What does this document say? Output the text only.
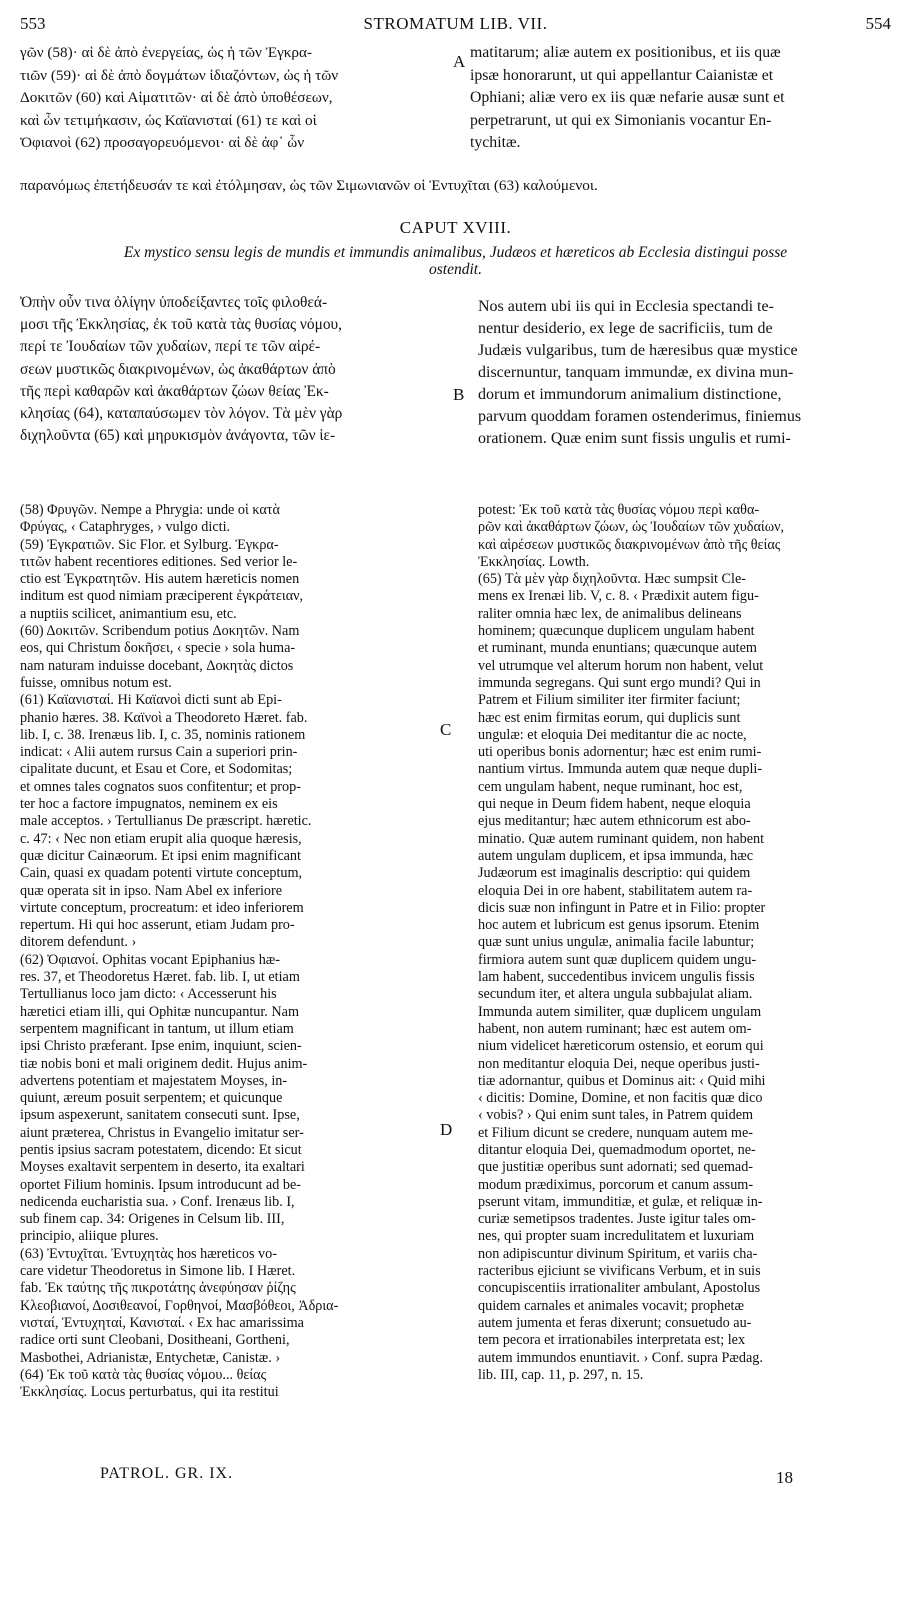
553	STROMATUM LIB. VII.	554
γῶν (58)· αἱ δὲ ἀπὸ ἐνεργείας, ὡς ἡ τῶν Ἐγκρα-
τιῶν (59)· αἱ δὲ ἀπὸ δογμάτων ἰδιαζόντων, ὡς ἡ τῶν
Δοκιτῶν (60) καὶ Αἱματιτῶν· αἱ δὲ ἀπὸ ὑποθέσεων,
καὶ ὧν τετιμήκασιν, ὡς Καϊανισταί (61) τε καὶ οἱ
Ὀφιανοὶ (62) προσαγορευόμενοι· αἱ δὲ ἀφ᾽ ὧν
matitarum; aliæ autem ex positionibus, et iis quæ
ipsæ honorarunt, ut qui appellantur Caianistæ et
Ophiani; aliæ vero ex iis quæ nefarie ausæ sunt et
perpetrarunt, ut qui ex Simonianis vocantur En-
tychitæ.
παρανόμως ἐπετήδευσάν τε καὶ ἐτόλμησαν, ὡς τῶν Σιμωνιανῶν οἱ Ἐντυχῖται (63) καλούμενοι.
A
B
C
D
CAPUT XVIII.
Ex mystico sensu legis de mundis et immundis animalibus, Judæos et hæreticos ab Ecclesia distingui posse
ostendit.
Ὀπὴν οὖν τινα ὀλίγην ὑποδείξαντες τοῖς φιλοθεά-
μοσι τῆς Ἐκκλησίας, ἐκ τοῦ κατὰ τὰς θυσίας νόμου,
περί τε Ἰουδαίων τῶν χυδαίων, περί τε τῶν αἱρέ-
σεων μυστικῶς διακρινομένων, ὡς ἀκαθάρτων ἀπὸ
τῆς περὶ καθαρῶν καὶ ἀκαθάρτων ζώων θείας Ἐκ-
κλησίας (64), καταπαύσωμεν τὸν λόγον. Τὰ μὲν γὰρ
διχηλοῦντα (65) καὶ μηρυκισμὸν ἀνάγοντα, τῶν ἱε-
Nos autem ubi iis qui in Ecclesia spectandi te-
nentur desiderio, ex lege de sacrificiis, tum de
Judæis vulgaribus, tum de hæresibus quæ mystice
discernuntur, tanquam immundæ, ex divina mun-
dorum et immundorum animalium distinctione,
parvum quoddam foramen ostenderimus, finiemus
orationem. Quæ enim sunt fissis ungulis et rumi-
(58) Φρυγῶν. Nempe a Phrygia: unde οἱ κατὰ
Φρύγας, ‹ Cataphryges, › vulgo dicti.
(59) Ἐγκρατιῶν. Sic Flor. et Sylburg. Ἐγκρα-
τιτῶν habent recentiores editiones. Sed verior le-
ctio est Ἐγκρατητῶν. His autem hæreticis nomen
inditum est quod nimiam præciperent ἐγκράτειαν,
a nuptiis scilicet, animantium esu, etc.
(60) Δοκιτῶν. Scribendum potius Δοκητῶν. Nam
eos, qui Christum δοκῆσει, ‹ specie › sola huma-
nam naturam induisse docebant, Δοκητὰς dictos
fuisse, omnibus notum est.
(61) Καϊανισταί. Hi Καϊανοὶ dicti sunt ab Epi-
phanio hæres. 38. Καϊνοὶ a Theodoreto Hæret. fab.
lib. I, c. 38. Irenæus lib. I, c. 35, nominis rationem
indicat: ‹ Alii autem rursus Cain a superiori prin-
cipalitate ducunt, et Esau et Core, et Sodomitas;
et omnes tales cognatos suos confitentur; et prop-
ter hoc a factore impugnatos, neminem ex eis
male acceptos. › Tertullianus De præscript. hæretic.
c. 47: ‹ Nec non etiam erupit alia quoque hæresis,
quæ dicitur Cainæorum. Et ipsi enim magnificant
Cain, quasi ex quadam potenti virtute conceptum,
quæ operata sit in ipso. Nam Abel ex inferiore
virtute conceptum, procreatum: et ideo inferiorem
repertum. Hi qui hoc asserunt, etiam Judam pro-
ditorem defendunt. ›
(62) Ὀφιανοί. Ophitas vocant Epiphanius hæ-
res. 37, et Theodoretus Hæret. fab. lib. I, ut etiam
Tertullianus loco jam dicto: ‹ Accesserunt his
hæretici etiam illi, qui Ophitæ nuncupantur. Nam
serpentem magnificant in tantum, ut illum etiam
ipsi Christo præferant. Ipse enim, inquiunt, scien-
tiæ nobis boni et mali originem dedit. Hujus anim-
advertens potentiam et majestatem Moyses, in-
quiunt, æreum posuit serpentem; et quicunque
ipsum aspexerunt, sanitatem consecuti sunt. Ipse,
aiunt præterea, Christus in Evangelio imitatur ser-
pentis ipsius sacram potestatem, dicendo: Et sicut
Moyses exaltavit serpentem in deserto, ita exaltari
oportet Filium hominis. Ipsum introducunt ad be-
nedicenda eucharistia sua. › Conf. Irenæus lib. I,
sub finem cap. 34: Origenes in Celsum lib. III,
principio, aliique plures.
(63) Ἐντυχῖται. Ἐντυχητὰς hos hæreticos vo-
care videtur Theodoretus in Simone lib. I Hæret.
fab. Ἐκ ταύτης τῆς πικροτάτης ἀνεφύησαν ῥίζης
Κλεοβιανοί, Δοσιθεανοί, Γορθηνοί, Μασβόθεοι, Ἀδρια-
νισταί, Ἐντυχηταί, Κανισταί. ‹ Ex hac amarissima
radice orti sunt Cleobani, Dositheani, Gortheni,
Masbothei, Adrianistæ, Entychetæ, Canistæ. ›
(64) Ἐκ τοῦ κατὰ τὰς θυσίας νόμου... θείας
Ἐκκλησίας. Locus perturbatus, qui ita restitui
potest: Ἐκ τοῦ κατὰ τὰς θυσίας νόμου περὶ καθα-
ρῶν καὶ ἀκαθάρτων ζώων, ὡς Ἰουδαίων τῶν χυδαίων,
καὶ αἱρέσεων μυστικῶς διακρινομένων ἀπὸ τῆς θείας
Ἐκκλησίας. Lowth.
(65) Τὰ μὲν γὰρ διχηλοῦντα. Hæc sumpsit Cle-
mens ex Irenæi lib. V, c. 8. ‹ Prædixit autem figu-
raliter omnia hæc lex, de animalibus delineans
hominem; quæcunque duplicem ungulam habent
et ruminant, munda enuntians; quæcunque autem
vel utrumque vel alterum horum non habent, velut
immunda segregans. Qui sunt ergo mundi? Qui in
Patrem et Filium similiter iter firmiter faciunt;
hæc est enim firmitas eorum, qui duplicis sunt
ungulæ: et eloquia Dei meditantur die ac nocte,
uti operibus bonis adornentur; hæc est enim rumi-
nantium virtus. Immunda autem quæ neque dupli-
cem ungulam habent, neque ruminant, hoc est,
qui neque in Deum fidem habent, neque eloquia
ejus meditantur; hæc autem ethnicorum est abo-
minatio. Quæ autem ruminant quidem, non habent
autem ungulam duplicem, et ipsa immunda, hæc
Judæorum est imaginalis descriptio: qui quidem
eloquia Dei in ore habent, stabilitatem autem ra-
dicis suæ non infingunt in Patre et in Filio: propter
hoc autem et lubricum est genus ipsorum. Etenim
quæ sunt unius ungulæ, animalia facile labuntur;
firmiora autem sunt quæ duplicem quidem ungu-
lam habent, succedentibus invicem ungulis fissis
secundum iter, et altera ungula subbajulat aliam.
Immunda autem similiter, quæ duplicem ungulam
habent, non autem ruminant; hæc est autem om-
nium videlicet hæreticorum ostensio, et eorum qui
non meditantur eloquia Dei, neque operibus justi-
tiæ adornantur, quibus et Dominus ait: ‹ Quid mihi
‹ dicitis: Domine, Domine, et non facitis quæ dico
‹ vobis? › Qui enim sunt tales, in Patrem quidem
et Filium dicunt se credere, nunquam autem me-
ditantur eloquia Dei, quemadmodum oportet, ne-
que justitiæ operibus sunt adornati; sed quemad-
modum prædiximus, porcorum et canum assum-
pserunt vitam, immunditiæ, et gulæ, et reliquæ in-
curiæ semetipsos tradentes. Juste igitur tales om-
nes, qui propter suam incredulitatem et luxuriam
non adipiscuntur divinum Spiritum, et variis cha-
racteribus ejiciunt se vivificans Verbum, et in suis
concupiscentiis irrationaliter ambulant, Apostolus
quidem carnales et animales vocavit; prophetæ
autem jumenta et feras dixerunt; consuetudo au-
tem pecora et irrationabiles interpretata est; lex
autem immundos enuntiavit. › Conf. supra Pædag.
lib. III, cap. 11, p. 297, n. 15.
PATROL. GR. IX.	18
